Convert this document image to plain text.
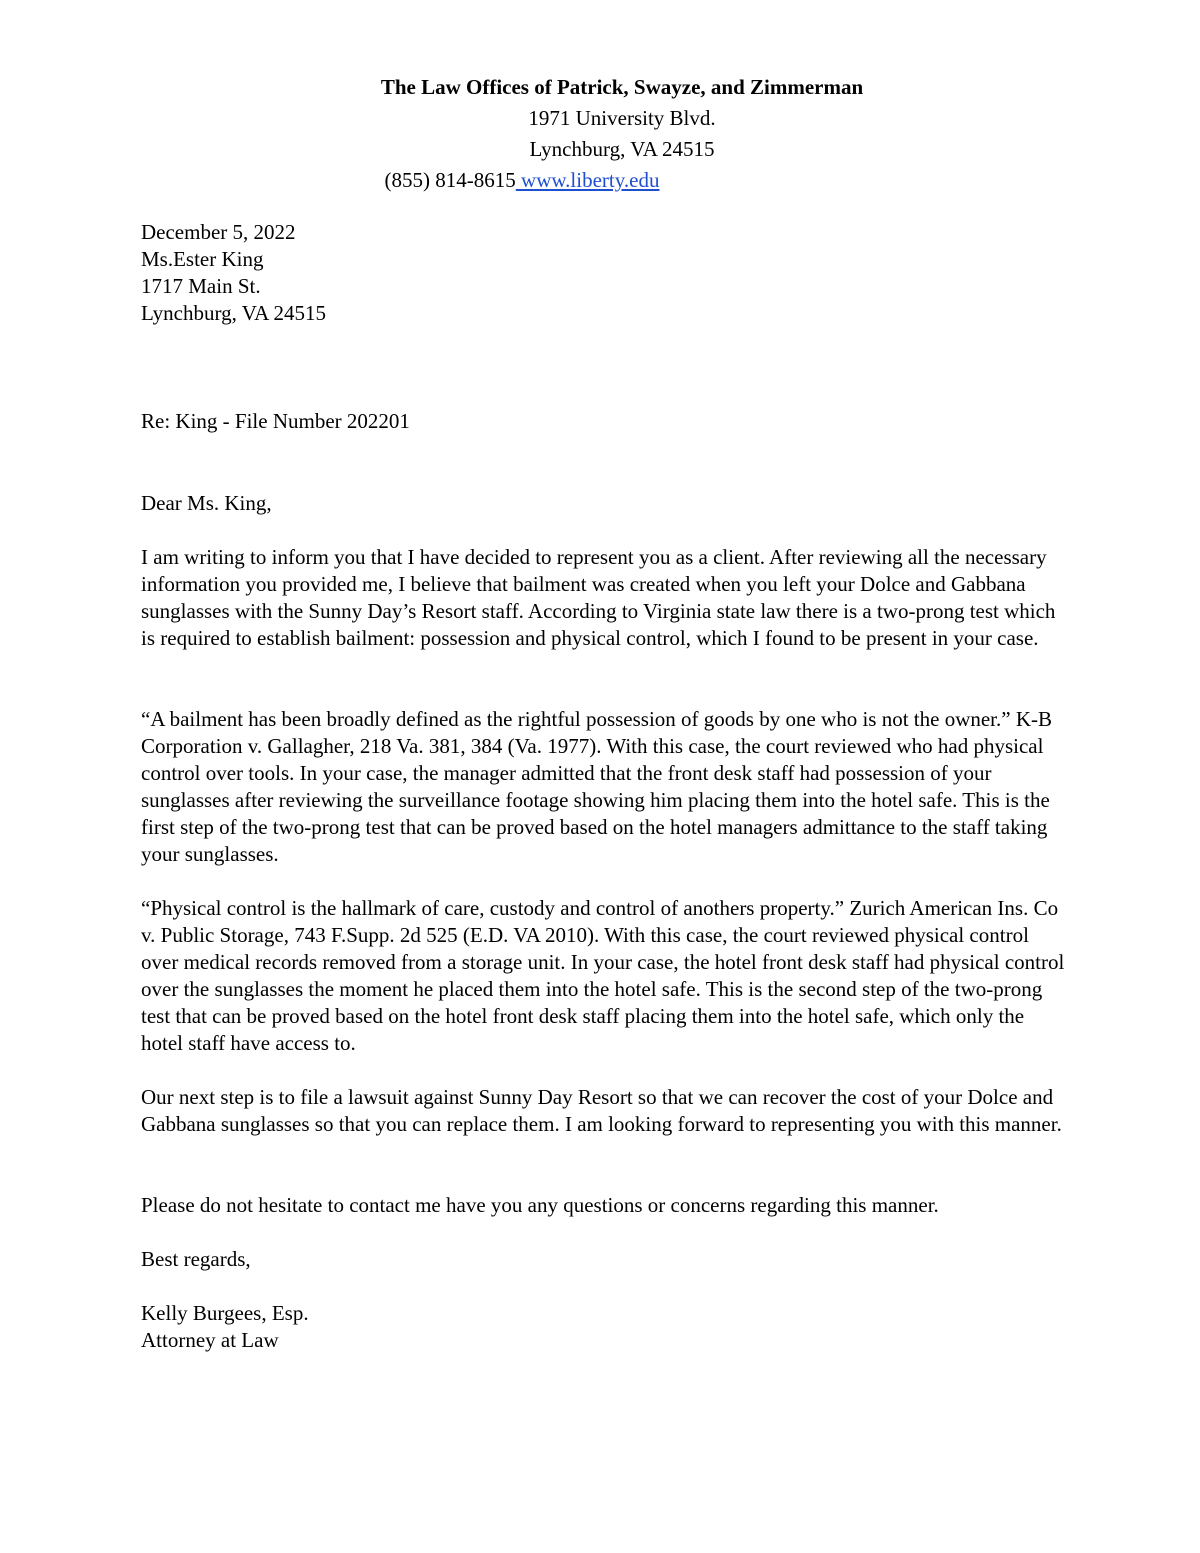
The Law Offices of Patrick, Swayze, and Zimmerman
1971 University Blvd.
Lynchburg, VA 24515
(855) 814-8615 www.liberty.edu

December 5, 2022

Ms.Ester King

1717 Main St.

Lynchburg, VA 24515

Re: King - File Number 202201
Dear Ms. King,
I am writing to inform you that I have decided to represent you as a client. After reviewing all the necessary information you provided me, I believe that bailment was created when you left your Dolce and Gabbana sunglasses with the Sunny Day’s Resort staff. According to Virginia state law there is a two-prong test which is required to establish bailment: possession and physical control, which I found to be present in your case.
“A bailment has been broadly defined as the rightful possession of goods by one who is not the owner.” K-B Corporation v. Gallagher, 218 Va. 381, 384 (Va. 1977). With this case, the court reviewed who had physical control over tools. In your case, the manager admitted that the front desk staff had possession of your sunglasses after reviewing the surveillance footage showing him placing them into the hotel safe. This is the first step of the two-prong test that can be proved based on the hotel managers admittance to the staff taking your sunglasses.
“Physical control is the hallmark of care, custody and control of anothers property.” Zurich American Ins. Co v. Public Storage, 743 F.Supp. 2d 525 (E.D. VA 2010). With this case, the court reviewed physical control over medical records removed from a storage unit. In your case, the hotel front desk staff had physical control over the sunglasses the moment he placed them into the hotel safe. This is the second step of the two-prong test that can be proved based on the hotel front desk staff placing them into the hotel safe, which only the hotel staff have access to.
Our next step is to file a lawsuit against Sunny Day Resort so that we can recover the cost of your Dolce and Gabbana sunglasses so that you can replace them. I am looking forward to representing you with this manner.
Please do not hesitate to contact me have you any questions or concerns regarding this manner.
Best regards,

Kelly Burgees, Esp.

Attorney at Law
